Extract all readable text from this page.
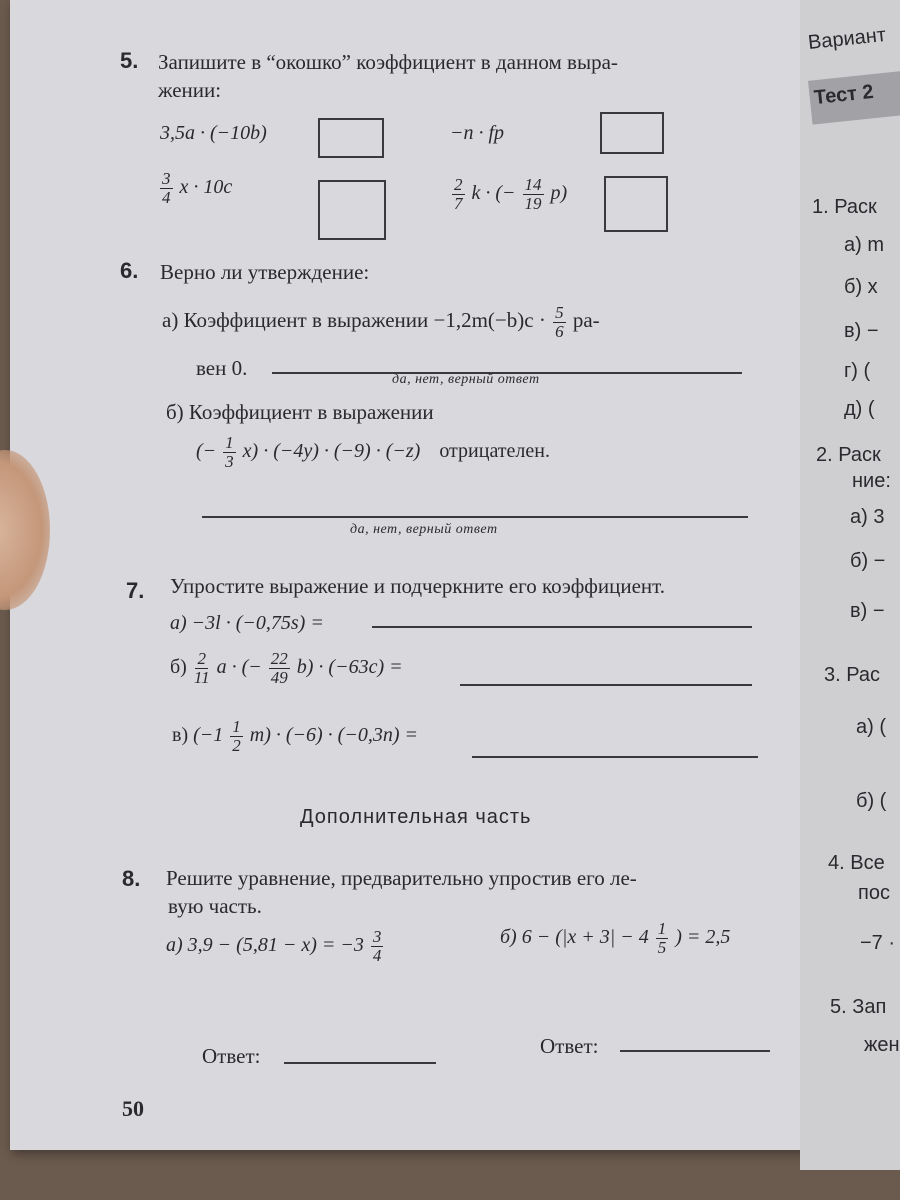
5. Запишите в “окошко” коэффициент в данном выра-
жении:
3,5a · (−10b)	−n · fp
$\frac{3}{4}$ x · 10c	$\frac{2}{7}$ k · (− $\frac{14}{19} p$)
6. Верно ли утверждение:
а) Коэффициент в выражении $-1,2m(-b)c \cdot \frac{5}{6} ра-$
вен 0.	да, нет, верный ответ
б) Коэффициент в выражении
(− $\frac{1}{3} x) \cdot (-4y) \cdot (-9) \cdot (-z)$ отрицателен.
да, нет, верный ответ
7. Упростите выражение и подчеркните его коэффициент.
а) −3l · (−0,75s) =
$б) \frac{2}{11}$ a · (− $\frac{22}{49} b) \cdot (-63c)$ =
в) $(-1 \frac{1}{2} m) \cdot (-6) \cdot (-0,3n)$ =
Дополнительная часть
8. Решите уравнение, предварительно упростив его ле-
вую часть.
а) $3,9 - (5,81 - x) = -3 \frac{3}{4}$	б) $6 - (|x + 3| - 4 \frac{1}{5}$ ) = 2,5
Ответ:	Ответ:
50
Вариант
Тест 2
1. Раск
а) m
б) x
в) −
г) (
д) (
2. Раск
ние:
а) 3
б) −
в) −
3. Рас
а) (
б) (
4. Все
пос
−7 ·
5. Зап
жен
